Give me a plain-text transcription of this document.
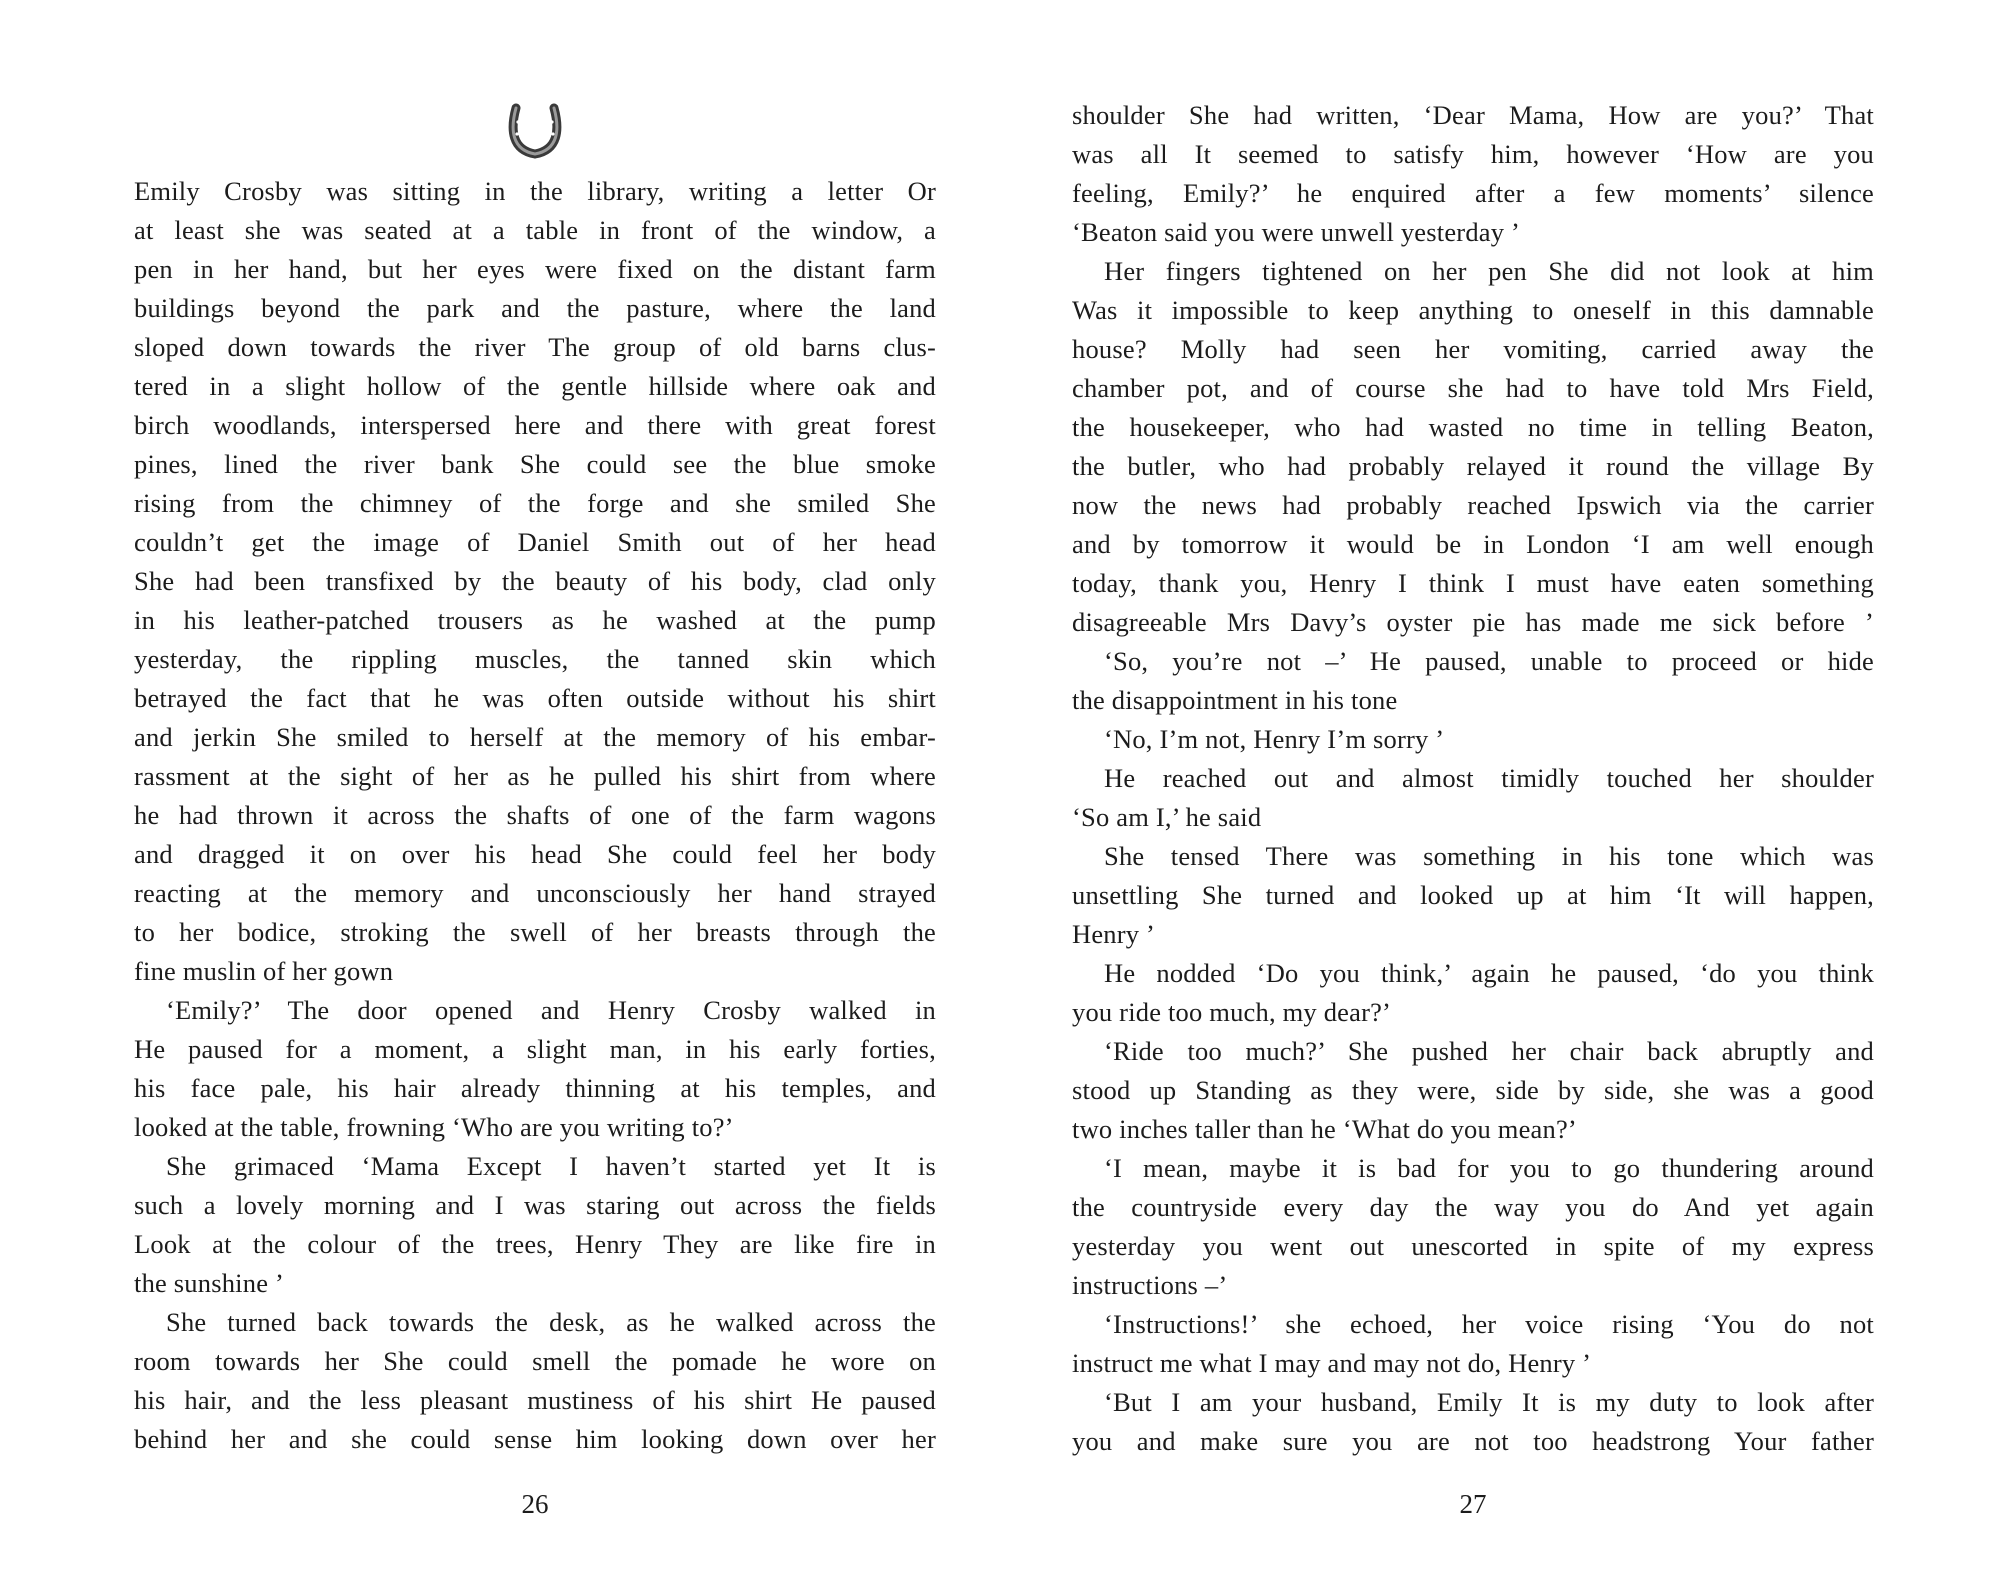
Emily Crosby was sitting in the library, writing a letter Or
at least she was seated at a table in front of the window, a
pen in her hand, but her eyes were fixed on the distant farm
buildings beyond the park and the pasture, where the land
sloped down towards the river The group of old barns clus-
tered in a slight hollow of the gentle hillside where oak and
birch woodlands, interspersed here and there with great forest
pines, lined the river bank She could see the blue smoke
rising from the chimney of the forge and she smiled She
couldn’t get the image of Daniel Smith out of her head
She had been transfixed by the beauty of his body, clad only
in his leather-patched trousers as he washed at the pump
yesterday, the rippling muscles, the tanned skin which
betrayed the fact that he was often outside without his shirt
and jerkin She smiled to herself at the memory of his embar-
rassment at the sight of her as he pulled his shirt from where
he had thrown it across the shafts of one of the farm wagons
and dragged it on over his head She could feel her body
reacting at the memory and unconsciously her hand strayed
to her bodice, stroking the swell of her breasts through the
fine muslin of her gown
‘Emily?’ The door opened and Henry Crosby walked in
He paused for a moment, a slight man, in his early forties,
his face pale, his hair already thinning at his temples, and
looked at the table, frowning ‘Who are you writing to?’
She grimaced ‘Mama Except I haven’t started yet It is
such a lovely morning and I was staring out across the fields
Look at the colour of the trees, Henry They are like fire in
the sunshine ’
She turned back towards the desk, as he walked across the
room towards her She could smell the pomade he wore on
his hair, and the less pleasant mustiness of his shirt He paused
behind her and she could sense him looking down over her
26
shoulder She had written, ‘Dear Mama, How are you?’ That
was all It seemed to satisfy him, however ‘How are you
feeling, Emily?’ he enquired after a few moments’ silence
‘Beaton said you were unwell yesterday ’
Her fingers tightened on her pen She did not look at him
Was it impossible to keep anything to oneself in this damnable
house? Molly had seen her vomiting, carried away the
chamber pot, and of course she had to have told Mrs Field,
the housekeeper, who had wasted no time in telling Beaton,
the butler, who had probably relayed it round the village By
now the news had probably reached Ipswich via the carrier
and by tomorrow it would be in London ‘I am well enough
today, thank you, Henry I think I must have eaten something
disagreeable Mrs Davy’s oyster pie has made me sick before ’
‘So, you’re not –’ He paused, unable to proceed or hide
the disappointment in his tone
‘No, I’m not, Henry I’m sorry ’
He reached out and almost timidly touched her shoulder
‘So am I,’ he said
She tensed There was something in his tone which was
unsettling She turned and looked up at him ‘It will happen,
Henry ’
He nodded ‘Do you think,’ again he paused, ‘do you think
you ride too much, my dear?’
‘Ride too much?’ She pushed her chair back abruptly and
stood up Standing as they were, side by side, she was a good
two inches taller than he ‘What do you mean?’
‘I mean, maybe it is bad for you to go thundering around
the countryside every day the way you do And yet again
yesterday you went out unescorted in spite of my express
instructions –’
‘Instructions!’ she echoed, her voice rising ‘You do not
instruct me what I may and may not do, Henry ’
‘But I am your husband, Emily It is my duty to look after
you and make sure you are not too headstrong Your father
27
